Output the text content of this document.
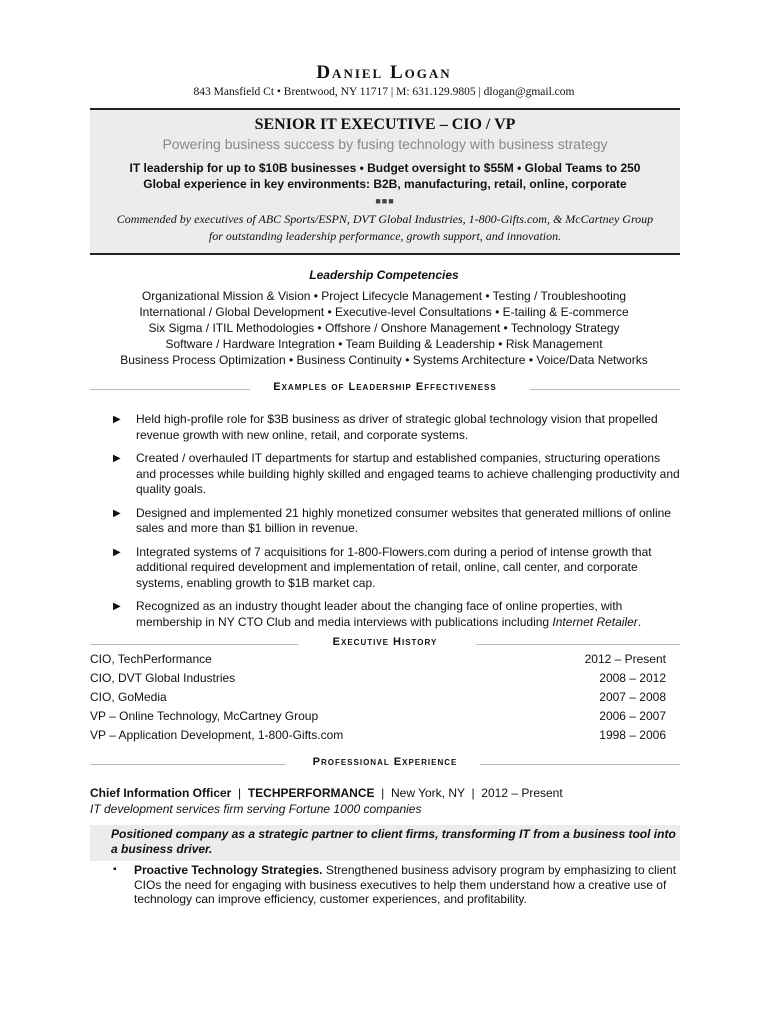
Daniel Logan
843 Mansfield Ct • Brentwood, NY 11717 | M: 631.129.9805 | dlogan@gmail.com
SENIOR IT EXECUTIVE – CIO / VP
Powering business success by fusing technology with business strategy
IT leadership for up to $10B businesses • Budget oversight to $55M • Global Teams to 250
Global experience in key environments: B2B, manufacturing, retail, online, corporate
■■■
Commended by executives of ABC Sports/ESPN, DVT Global Industries, 1-800-Gifts.com, & McCartney Group
for outstanding leadership performance, growth support, and innovation.
Leadership Competencies
Organizational Mission & Vision • Project Lifecycle Management • Testing / Troubleshooting
International / Global Development • Executive-level Consultations • E-tailing & E-commerce
Six Sigma / ITIL Methodologies • Offshore / Onshore Management • Technology Strategy
Software / Hardware Integration • Team Building & Leadership • Risk Management
Business Process Optimization • Business Continuity • Systems Architecture • Voice/Data Networks
Examples of Leadership Effectiveness
▶ Held high-profile role for $3B business as driver of strategic global technology vision that propelled revenue growth with new online, retail, and corporate systems.
▶ Created / overhauled IT departments for startup and established companies, structuring operations and processes while building highly skilled and engaged teams to achieve challenging productivity and quality goals.
▶ Designed and implemented 21 highly monetized consumer websites that generated millions of online sales and more than $1 billion in revenue.
▶ Integrated systems of 7 acquisitions for 1-800-Flowers.com during a period of intense growth that additional required development and implementation of retail, online, call center, and corporate systems, enabling growth to $1B market cap.
▶ Recognized as an industry thought leader about the changing face of online properties, with membership in NY CTO Club and media interviews with publications including Internet Retailer.
Executive History
CIO, TechPerformance	2012 – Present
CIO, DVT Global Industries	2008 – 2012
CIO, GoMedia	2007 – 2008
VP – Online Technology, McCartney Group	2006 – 2007
VP – Application Development, 1-800-Gifts.com	1998 – 2006
Professional Experience
Chief Information Officer  |  TECHPERFORMANCE  |  New York, NY  |  2012 – Present
IT development services firm serving Fortune 1000 companies
Positioned company as a strategic partner to client firms, transforming IT from a business tool into a business driver.
▪ Proactive Technology Strategies. Strengthened business advisory program by emphasizing to client CIOs the need for engaging with business executives to help them understand how a creative use of technology can improve efficiency, customer experiences, and profitability.
